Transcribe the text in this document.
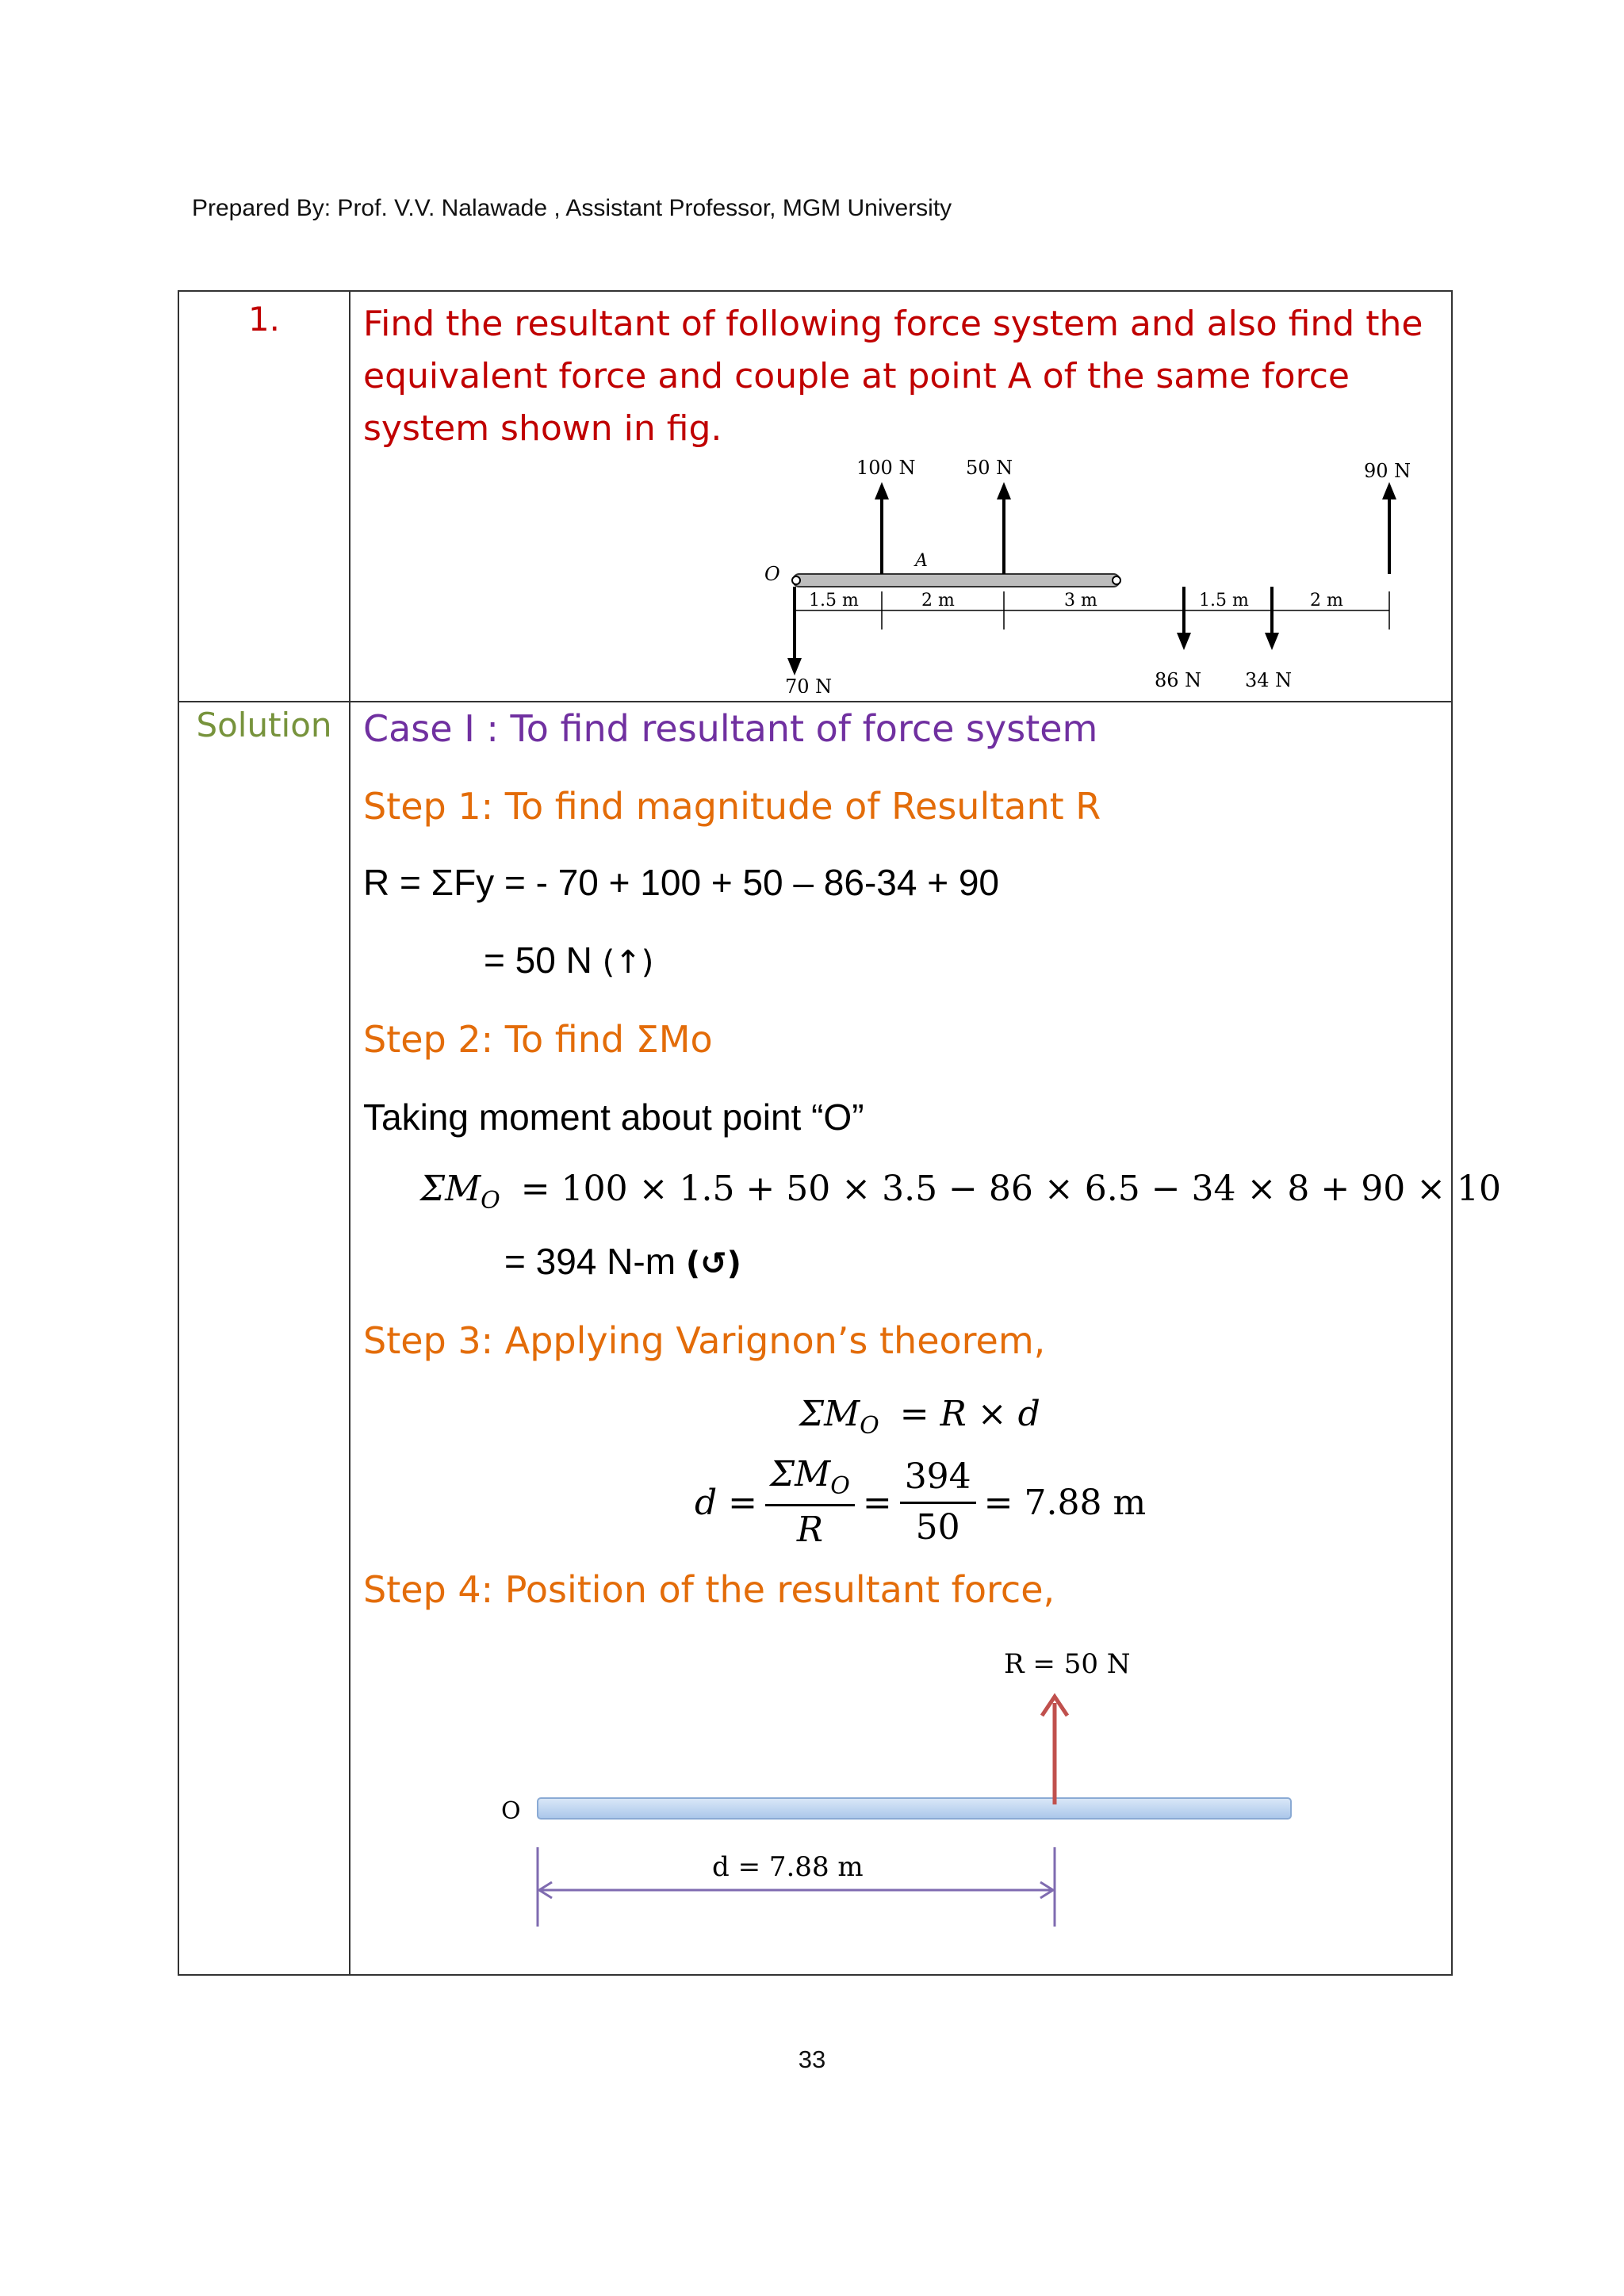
Prepared By: Prof. V.V. Nalawade , Assistant Professor, MGM University
1.	Find the resultant of following force system and also find the equivalent force and couple at point A of the same force system shown in fig.
O
A
70 N
100 N	50 N
86 N 34 N
90 N
1.5 m	2 m	3 m	1.5 m	2 m
Solution Case I : To find resultant of force system
Step 1: To find magnitude of Resultant R
R = ΣFy = - 70 + 100 + 50 – 86-34 + 90
= 50 N (↑)
Step 2: To find ΣMo
Taking moment about point “O”
$\Sigma M_O = 100 \times 1.5 + 50 \times 3.5 - 86 \times 6.5 - 34 \times 8 + 90 \times 10$
= 394 N-m (↺)
Step 3: Applying Varignon’s theorem,
$\Sigma M_O = R \times d$
$d = \frac{\Sigma M_O}{R} = \frac{394}{50} = 7.88$ m
Step 4: Position of the resultant force,
R = 50 N
O
d = 7.88 m
33
